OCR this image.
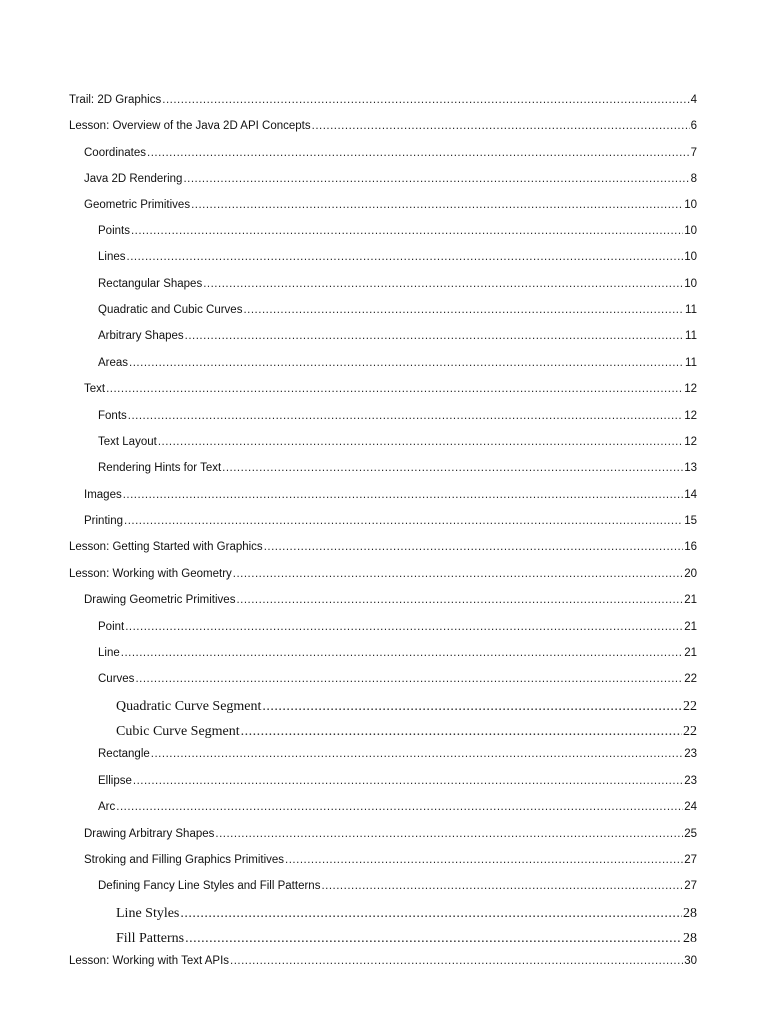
Trail: 2D Graphics .....	4
Lesson: Overview of the Java 2D API Concepts .....	6
Coordinates .....	7
Java 2D Rendering .....	8
Geometric Primitives .....	10
Points .....	10
Lines .....	10
Rectangular Shapes .....	10
Quadratic and Cubic Curves .....	11
Arbitrary Shapes .....	11
Areas .....	11
Text .....	12
Fonts .....	12
Text Layout .....	12
Rendering Hints for Text .....	13
Images .....	14
Printing .....	15
Lesson: Getting Started with Graphics .....	16
Lesson: Working with Geometry .....	20
Drawing Geometric Primitives .....	21
Point .....	21
Line .....	21
Curves .....	22
Quadratic Curve Segment .....	22
Cubic Curve Segment .....	22
Rectangle .....	23
Ellipse .....	23
Arc .....	24
Drawing Arbitrary Shapes .....	25
Stroking and Filling Graphics Primitives .....	27
Defining Fancy Line Styles and Fill Patterns .....	27
Line Styles .....	28
Fill Patterns .....	28
Lesson: Working with Text APIs .....	30
